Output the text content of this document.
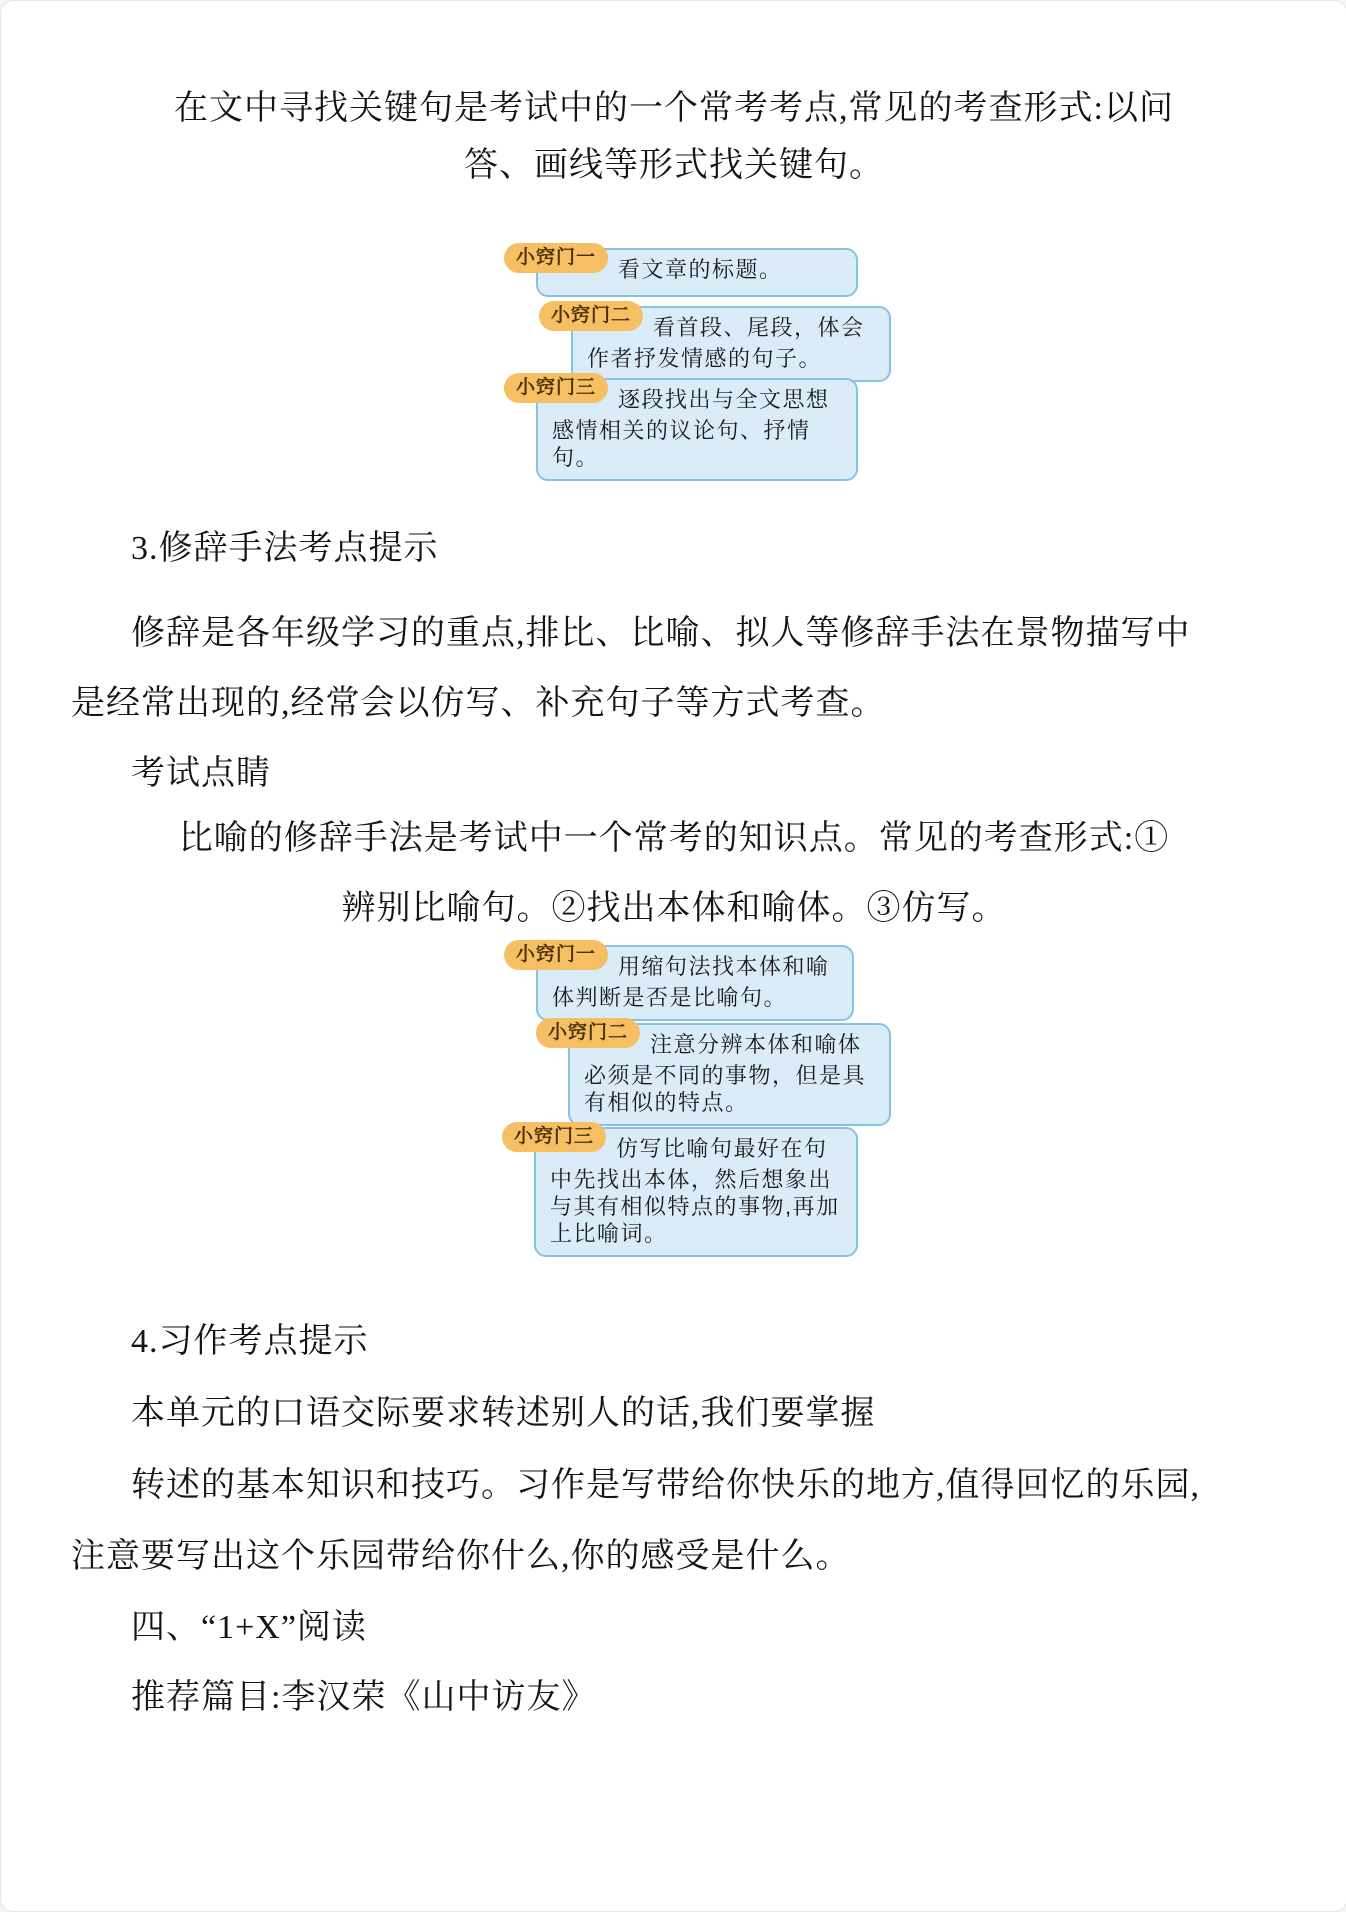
在文中寻找关键句是考试中的一个常考考点,常见的考查形式:以问
答、画线等形式找关键句。
小窍门一 看文章的标题。
小窍门二 看首段、尾段，体会作者抒发情感的句子。
小窍门三 逐段找出与全文思想感情相关的议论句、抒情句。
3.修辞手法考点提示
修辞是各年级学习的重点,排比、比喻、拟人等修辞手法在景物描写中
是经常出现的,经常会以仿写、补充句子等方式考查。
考试点睛
比喻的修辞手法是考试中一个常考的知识点。常见的考查形式:①
辨别比喻句。②找出本体和喻体。③仿写。
小窍门一 用缩句法找本体和喻体判断是否是比喻句。
小窍门二 注意分辨本体和喻体必须是不同的事物，但是具有相似的特点。
小窍门三 仿写比喻句最好在句中先找出本体，然后想象出与其有相似特点的事物,再加上比喻词。
4.习作考点提示
本单元的口语交际要求转述别人的话,我们要掌握
转述的基本知识和技巧。习作是写带给你快乐的地方,值得回忆的乐园,
注意要写出这个乐园带给你什么,你的感受是什么。
四、“1+X”阅读
推荐篇目:李汉荣《山中访友》
